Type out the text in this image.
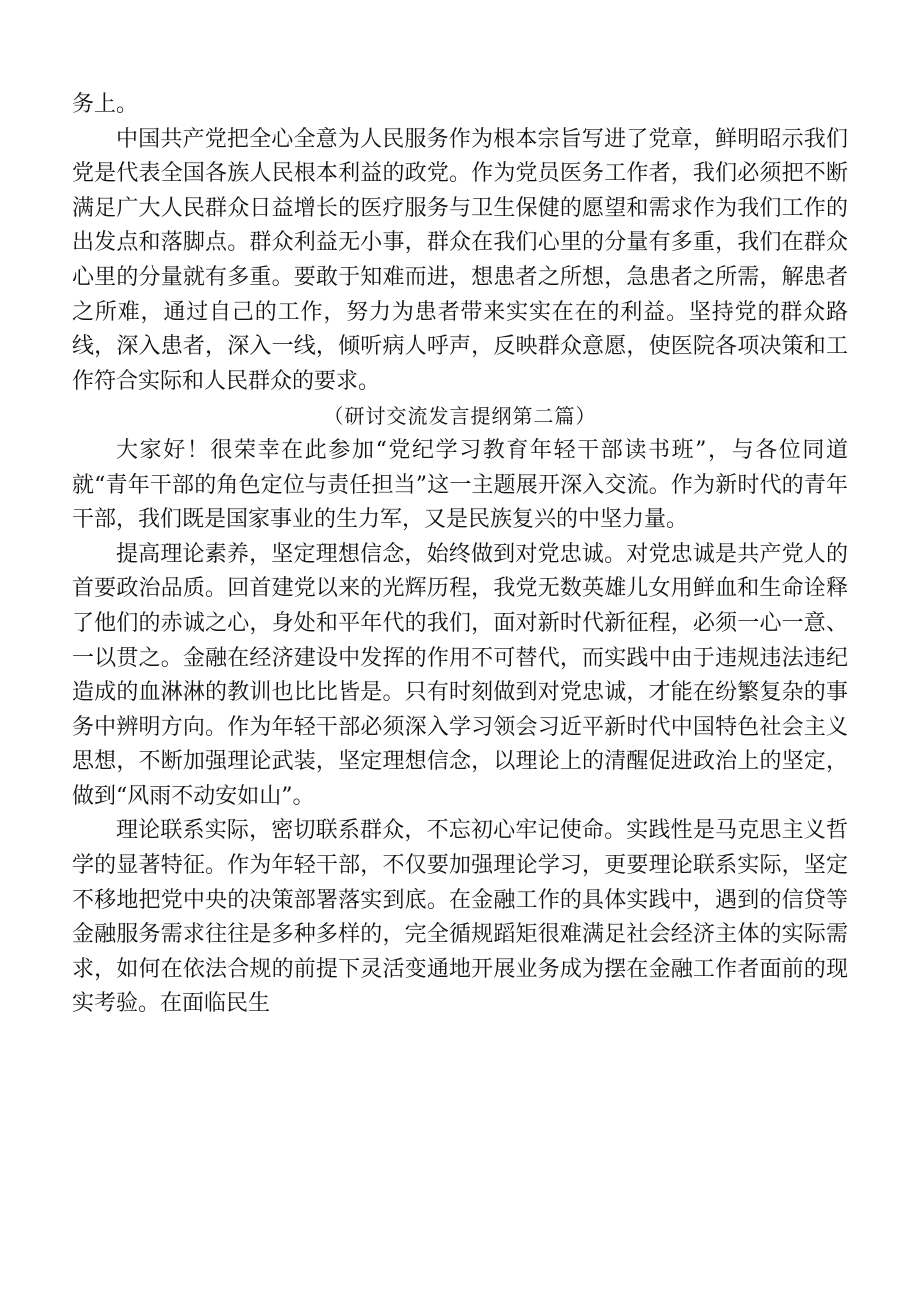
务上。

中国共产党把全心全意为人民服务作为根本宗旨写进了党章，鲜明昭示我们党是代表全国各族人民根本利益的政党。作为党员医务工作者，我们必须把不断满足广大人民群众日益增长的医疗服务与卫生保健的愿望和需求作为我们工作的出发点和落脚点。群众利益无小事，群众在我们心里的分量有多重，我们在群众心里的分量就有多重。要敢于知难而进，想患者之所想，急患者之所需，解患者之所难，通过自己的工作，努力为患者带来实实在在的利益。坚持党的群众路线，深入患者，深入一线，倾听病人呼声，反映群众意愿，使医院各项决策和工作符合实际和人民群众的要求。

（研讨交流发言提纲第二篇）

大家好！很荣幸在此参加“党纪学习教育年轻干部读书班”，与各位同道就“青年干部的角色定位与责任担当”这一主题展开深入交流。作为新时代的青年干部，我们既是国家事业的生力军，又是民族复兴的中坚力量。

提高理论素养，坚定理想信念，始终做到对党忠诚。对党忠诚是共产党人的首要政治品质。回首建党以来的光辉历程，我党无数英雄儿女用鲜血和生命诠释了他们的赤诚之心，身处和平年代的我们，面对新时代新征程，必须一心一意、一以贯之。金融在经济建设中发挥的作用不可替代，而实践中由于违规违法违纪造成的血淋淋的教训也比比皆是。只有时刻做到对党忠诚，才能在纷繁复杂的事务中辨明方向。作为年轻干部必须深入学习领会习近平新时代中国特色社会主义思想，不断加强理论武装，坚定理想信念，以理论上的清醒促进政治上的坚定，做到“风雨不动安如山”。

理论联系实际，密切联系群众，不忘初心牢记使命。实践性是马克思主义哲学的显著特征。作为年轻干部，不仅要加强理论学习，更要理论联系实际，坚定不移地把党中央的决策部署落实到底。在金融工作的具体实践中，遇到的信贷等金融服务需求往往是多种多样的，完全循规蹈矩很难满足社会经济主体的实际需求，如何在依法合规的前提下灵活变通地开展业务成为摆在金融工作者面前的现实考验。在面临民生
